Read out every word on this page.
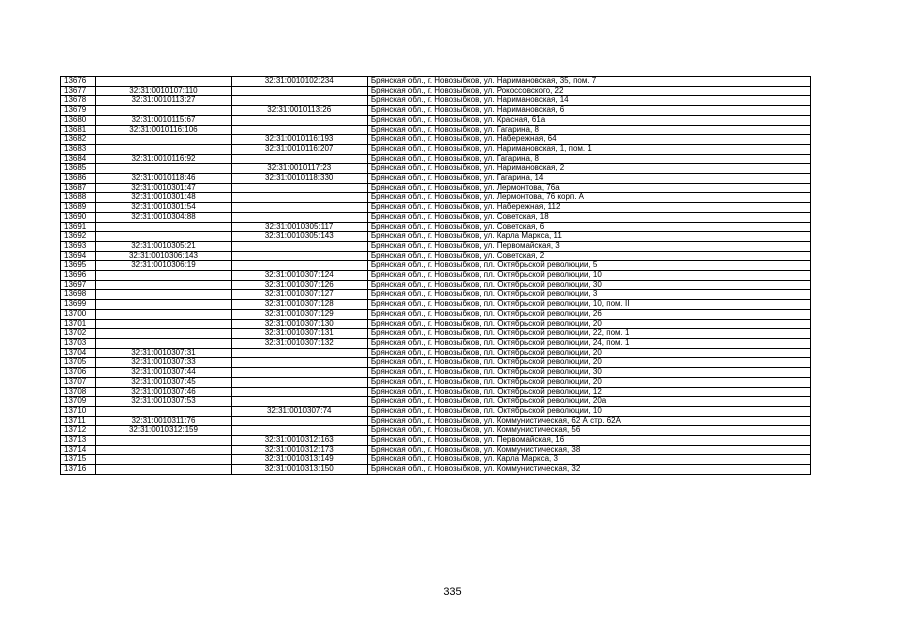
13676		32:31:0010102:234	Брянская обл., г. Новозыбков, ул. Наримановская, 35, пом. 7
13677	32:31:0010107:110		Брянская обл., г. Новозыбков, ул. Рокоссовского, 22
13678	32:31:0010113:27		Брянская обл., г. Новозыбков, ул. Наримановская, 14
13679		32:31:0010113:26	Брянская обл., г. Новозыбков, ул. Наримановская, 6
13680	32:31:0010115:67		Брянская обл., г. Новозыбков, ул. Красная, 61а
13681	32:31:0010116:106		Брянская обл., г. Новозыбков, ул. Гагарина, 8
13682		32:31:0010116:193	Брянская обл., г. Новозыбков, ул. Набережная, 64
13683		32:31:0010116:207	Брянская обл., г. Новозыбков, ул. Наримановская, 1, пом. 1
13684	32:31:0010116:92		Брянская обл., г. Новозыбков, ул. Гагарина, 8
13685		32:31:0010117:23	Брянская обл., г. Новозыбков, ул. Наримановская, 2
13686	32:31:0010118:46	32:31:0010118:330	Брянская обл., г. Новозыбков, ул. Гагарина, 14
13687	32:31:0010301:47		Брянская обл., г. Новозыбков, ул. Лермонтова, 76а
13688	32:31:0010301:48		Брянская обл., г. Новозыбков, ул. Лермонтова, 76 корп. А
13689	32:31:0010301:54		Брянская обл., г. Новозыбков, ул. Набережная, 112
13690	32:31:0010304:88		Брянская обл., г. Новозыбков, ул. Советская, 18
13691		32:31:0010305:117	Брянская обл., г. Новозыбков, ул. Советская, 6
13692		32:31:0010305:143	Брянская обл., г. Новозыбков, ул. Карла Маркса, 11
13693	32:31:0010305:21		Брянская обл., г. Новозыбков, ул. Первомайская, 3
13694	32:31:0010306:143		Брянская обл., г. Новозыбков, ул. Советская, 2
13695	32:31:0010306:19		Брянская обл., г. Новозыбков, пл. Октябрьской революции, 5
13696		32:31:0010307:124	Брянская обл., г. Новозыбков, пл. Октябрьской революции, 10
13697		32:31:0010307:126	Брянская обл., г. Новозыбков, пл. Октябрьской революции, 30
13698		32:31:0010307:127	Брянская обл., г. Новозыбков, пл. Октябрьской революции, 3
13699		32:31:0010307:128	Брянская обл., г. Новозыбков, пл. Октябрьской революции, 10, пом. II
13700		32:31:0010307:129	Брянская обл., г. Новозыбков, пл. Октябрьской революции, 26
13701		32:31:0010307:130	Брянская обл., г. Новозыбков, пл. Октябрьской революции, 20
13702		32:31:0010307:131	Брянская обл., г. Новозыбков, пл. Октябрьской революции, 22, пом. 1
13703		32:31:0010307:132	Брянская обл., г. Новозыбков, пл. Октябрьской революции, 24, пом. 1
13704	32:31:0010307:31		Брянская обл., г. Новозыбков, пл. Октябрьской революции, 20
13705	32:31:0010307:33		Брянская обл., г. Новозыбков, пл. Октябрьской революции, 20
13706	32:31:0010307:44		Брянская обл., г. Новозыбков, пл. Октябрьской революции, 30
13707	32:31:0010307:45		Брянская обл., г. Новозыбков, пл. Октябрьской революции, 20
13708	32:31:0010307:46		Брянская обл., г. Новозыбков, пл. Октябрьской революции, 12
13709	32:31:0010307:53		Брянская обл., г. Новозыбков, пл. Октябрьской революции, 20а
13710		32:31:0010307:74	Брянская обл., г. Новозыбков, пл. Октябрьской революции, 10
13711	32:31:0010311:76		Брянская обл., г. Новозыбков, ул. Коммунистическая, 62 А стр. 62А
13712	32:31:0010312:159		Брянская обл., г. Новозыбков, ул. Коммунистическая, 56
13713		32:31:0010312:163	Брянская обл., г. Новозыбков, ул. Первомайская, 16
13714		32:31:0010312:173	Брянская обл., г. Новозыбков, ул. Коммунистическая, 38
13715		32:31:0010313:149	Брянская обл., г. Новозыбков, ул. Карла Маркса, 3
13716		32:31:0010313:150	Брянская обл., г. Новозыбков, ул. Коммунистическая, 32
335
